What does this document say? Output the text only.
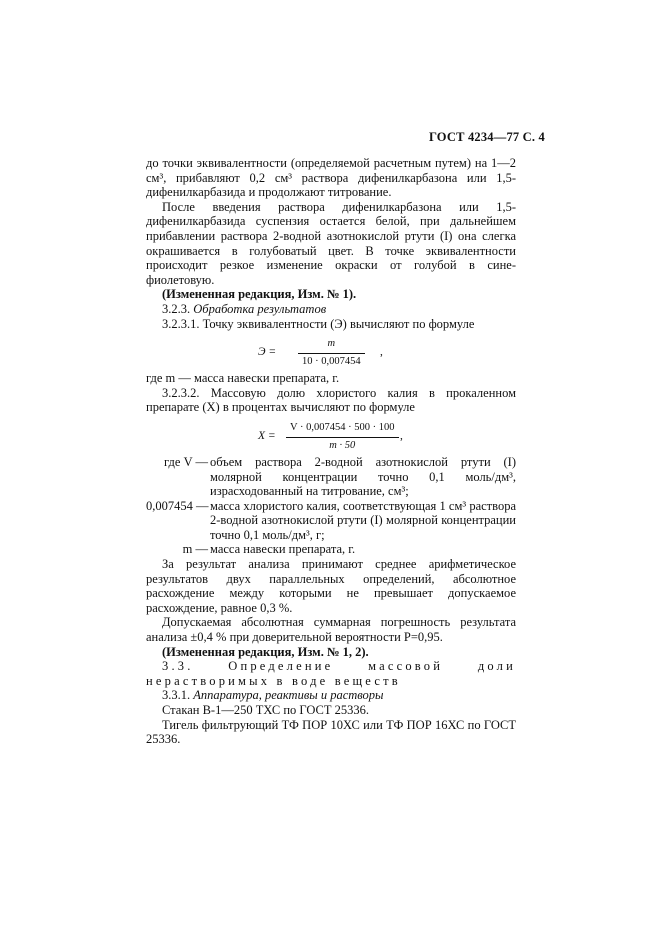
ГОСТ 4234—77 С. 4

до точки эквивалентности (определяемой расчетным путем) на 1—2 см³, прибавляют 0,2 см³ раствора дифенилкарбазона или 1,5-дифенилкарбазида и продолжают титрование.

После введения раствора дифенилкарбазона или 1,5-дифенилкарбазида суспензия остается белой, при дальнейшем прибавлении раствора 2-водной азотнокислой ртути (I) она слегка окрашивается в голубоватый цвет. В точке эквивалентности происходит резкое изменение окраски от голубой в сине-фиолетовую.

(Измененная редакция, Изм. № 1).

3.2.3. Обработка результатов

3.2.3.1. Точку эквивалентности (Э) вычисляют по формуле

$Э = \frac{m}{10 \cdot 0,007454}$ ,

где m — масса навески препарата, г.

3.2.3.2. Массовую долю хлористого калия в прокаленном препарате (X) в процентах вычисляют по формуле

$X = \frac{V \cdot 0,007454 \cdot 500 \cdot 100}{m \cdot 50}$ ,
где V — объем раствора 2-водной азотнокислой ртути (I) молярной концентрации точно 0,1 моль/дм³, израсходованный на титрование, см³;
0,007454 — масса хлористого калия, соответствующая 1 см³ раствора 2-водной азотнокислой ртути (I) молярной концентрации точно 0,1 моль/дм³, г;
m — масса навески препарата, г.

За результат анализа принимают среднее арифметическое результатов двух параллельных определений, абсолютное расхождение между которыми не превышает допускаемое расхождение, равное 0,3 %.

Допускаемая абсолютная суммарная погрешность результата анализа ±0,4 % при доверительной вероятности P=0,95.

(Измененная редакция, Изм. № 1, 2).

3.3. Определение массовой доли нерастворимых в воде веществ

3.3.1. Аппаратура, реактивы и растворы

Стакан В-1—250 ТХС по ГОСТ 25336.

Тигель фильтрующий ТФ ПОР 10ХС или ТФ ПОР 16ХС по ГОСТ 25336.
